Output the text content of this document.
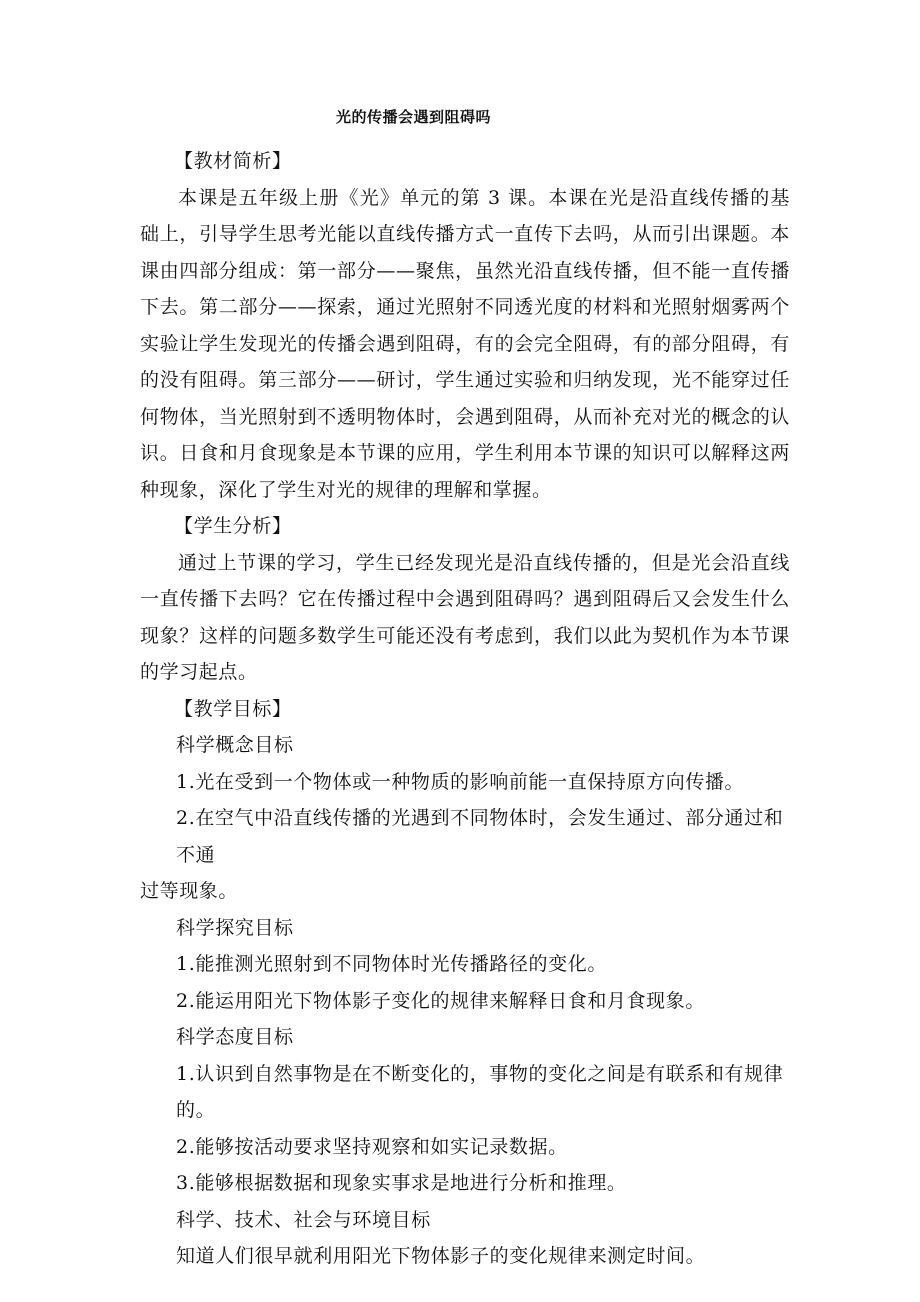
光的传播会遇到阻碍吗

【教材简析】

本课是五年级上册《光》单元的第 3 课。本课在光是沿直线传播的基础上，引导学生思考光能以直线传播方式一直传下去吗，从而引出课题。本课由四部分组成：第一部分——聚焦，虽然光沿直线传播，但不能一直传播下去。第二部分——探索，通过光照射不同透光度的材料和光照射烟雾两个实验让学生发现光的传播会遇到阻碍，有的会完全阻碍，有的部分阻碍，有的没有阻碍。第三部分——研讨，学生通过实验和归纳发现，光不能穿过任何物体，当光照射到不透明物体时，会遇到阻碍，从而补充对光的概念的认识。日食和月食现象是本节课的应用，学生利用本节课的知识可以解释这两种现象，深化了学生对光的规律的理解和掌握。

【学生分析】

通过上节课的学习，学生已经发现光是沿直线传播的，但是光会沿直线一直传播下去吗？它在传播过程中会遇到阻碍吗？遇到阻碍后又会发生什么现象？这样的问题多数学生可能还没有考虑到，我们以此为契机作为本节课的学习起点。

【教学目标】

科学概念目标

1.光在受到一个物体或一种物质的影响前能一直保持原方向传播。

2.在空气中沿直线传播的光遇到不同物体时，会发生通过、部分通过和不通
过等现象。

科学探究目标

1.能推测光照射到不同物体时光传播路径的变化。

2.能运用阳光下物体影子变化的规律来解释日食和月食现象。

科学态度目标

1.认识到自然事物是在不断变化的，事物的变化之间是有联系和有规律的。

2.能够按活动要求坚持观察和如实记录数据。

3.能够根据数据和现象实事求是地进行分析和推理。

科学、技术、社会与环境目标

知道人们很早就利用阳光下物体影子的变化规律来测定时间。
